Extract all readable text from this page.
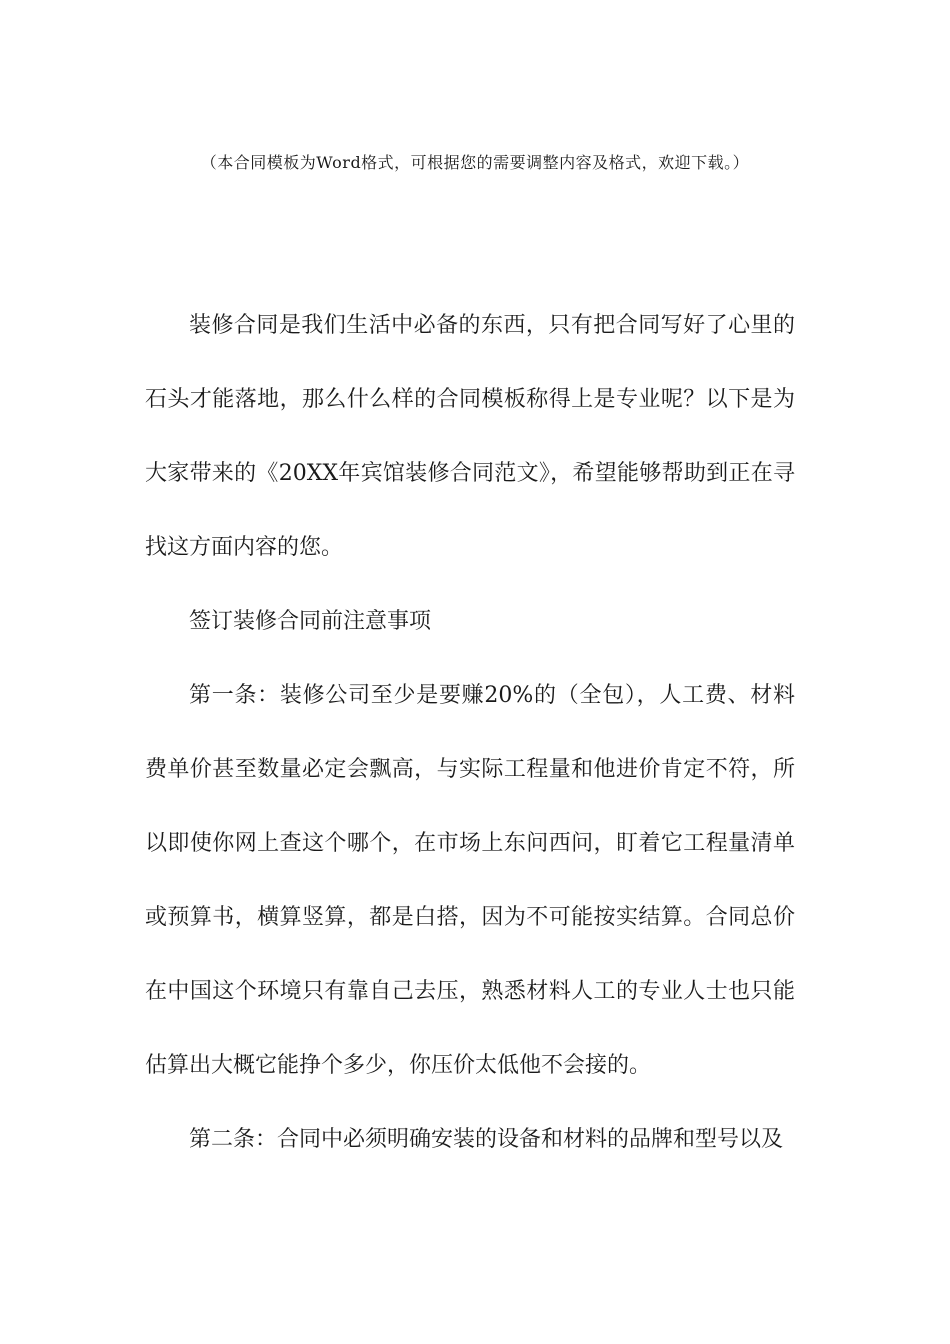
（本合同模板为Word格式，可根据您的需要调整内容及格式，欢迎下载。）

装修合同是我们生活中必备的东西，只有把合同写好了心里的石头才能落地，那么什么样的合同模板称得上是专业呢？以下是为大家带来的《20XX年宾馆装修合同范文》，希望能够帮助到正在寻找这方面内容的您。

签订装修合同前注意事项

第一条：装修公司至少是要赚20%的（全包），人工费、材料费单价甚至数量必定会飘高，与实际工程量和他进价肯定不符，所以即使你网上查这个哪个，在市场上东问西问，盯着它工程量清单或预算书，横算竖算，都是白搭，因为不可能按实结算。合同总价在中国这个环境只有靠自己去压，熟悉材料人工的专业人士也只能估算出大概它能挣个多少，你压价太低他不会接的。

第二条：合同中必须明确安装的设备和材料的品牌和型号以及
